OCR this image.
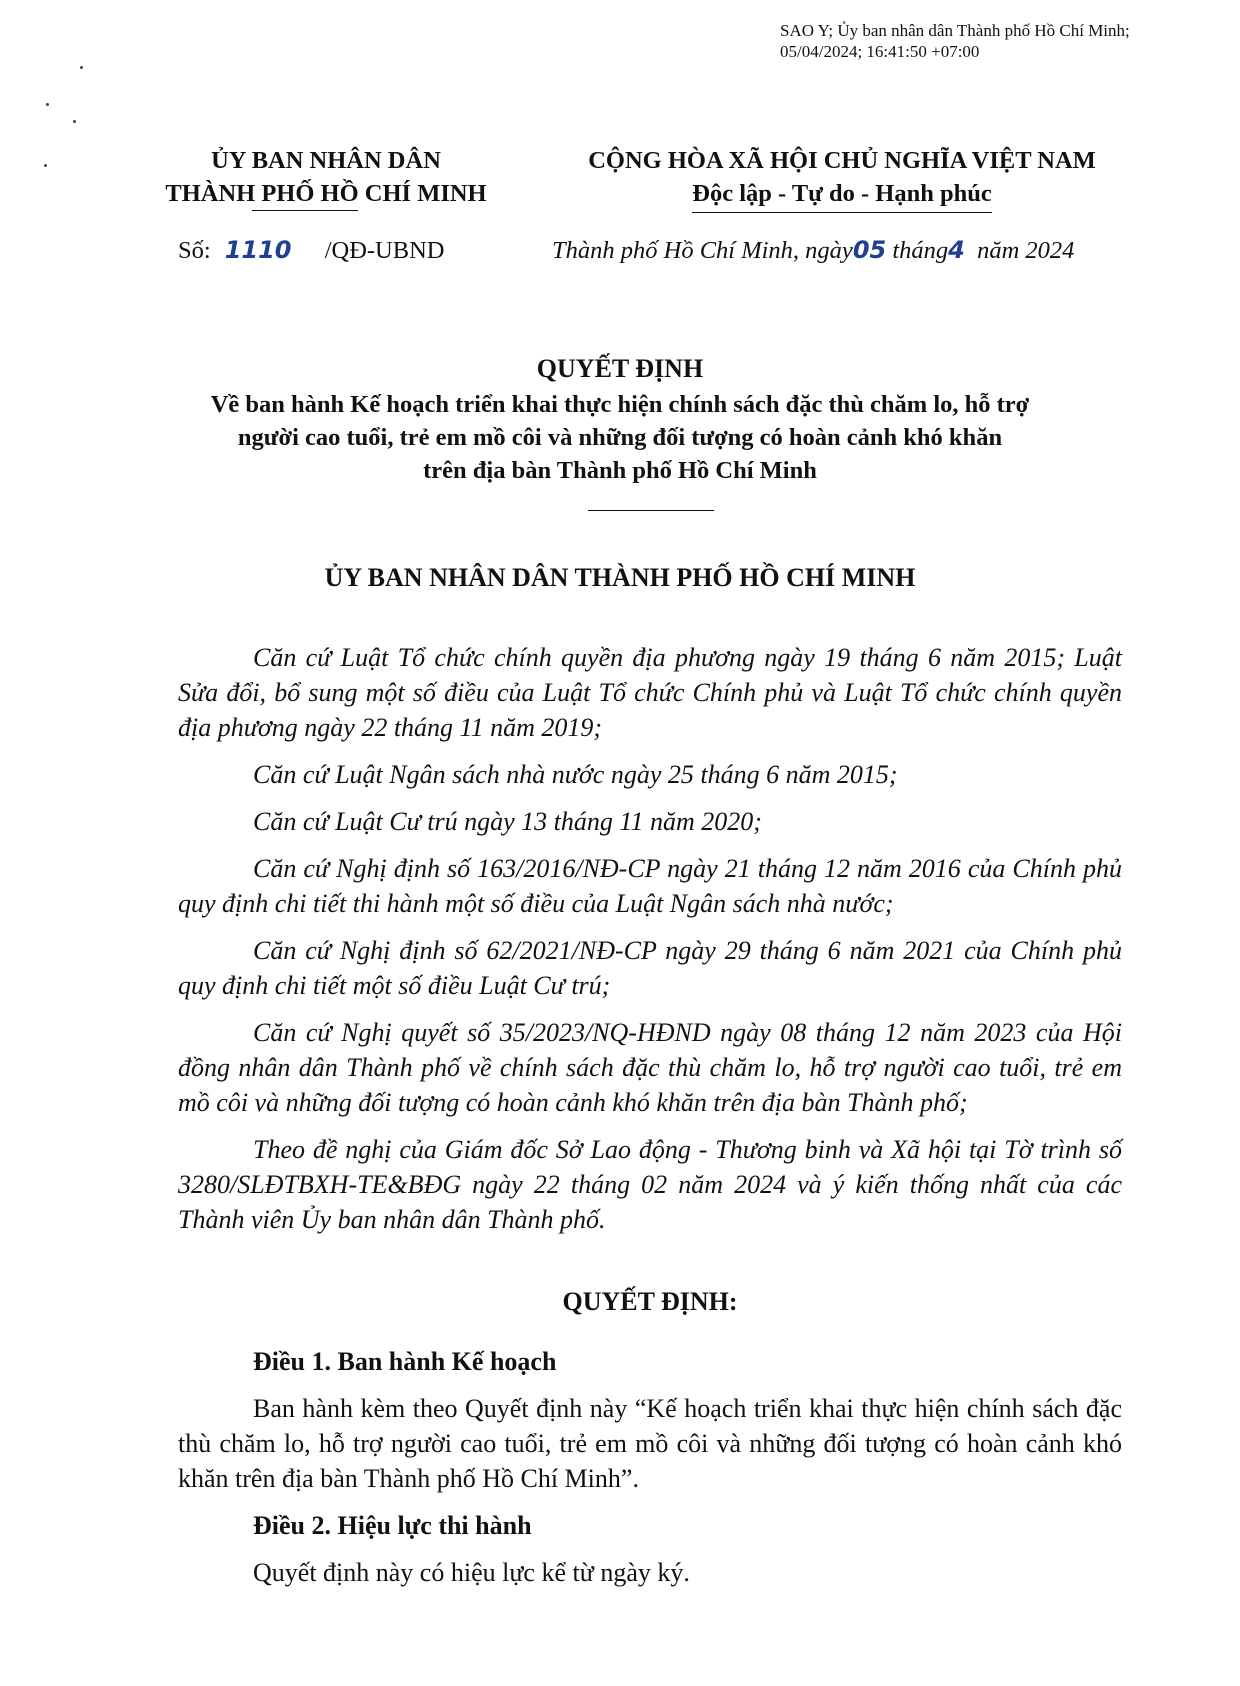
SAO Y; Ủy ban nhân dân Thành phố Hồ Chí Minh;
05/04/2024; 16:41:50 +07:00
ỦY BAN NHÂN DÂN
THÀNH PHỐ HỒ CHÍ MINH
CỘNG HÒA XÃ HỘI CHỦ NGHĨA VIỆT NAM
Độc lập - Tự do - Hạnh phúc
Số: 1110 /QĐ-UBND	Thành phố Hồ Chí Minh, ngày05 tháng4 năm 2024
QUYẾT ĐỊNH
Về ban hành Kế hoạch triển khai thực hiện chính sách đặc thù chăm lo, hỗ trợ
người cao tuổi, trẻ em mồ côi và những đối tượng có hoàn cảnh khó khăn
trên địa bàn Thành phố Hồ Chí Minh
ỦY BAN NHÂN DÂN THÀNH PHỐ HỒ CHÍ MINH

Căn cứ Luật Tổ chức chính quyền địa phương ngày 19 tháng 6 năm 2015; Luật Sửa đổi, bổ sung một số điều của Luật Tổ chức Chính phủ và Luật Tổ chức chính quyền địa phương ngày 22 tháng 11 năm 2019;

Căn cứ Luật Ngân sách nhà nước ngày 25 tháng 6 năm 2015;

Căn cứ Luật Cư trú ngày 13 tháng 11 năm 2020;

Căn cứ Nghị định số 163/2016/NĐ-CP ngày 21 tháng 12 năm 2016 của Chính phủ quy định chi tiết thi hành một số điều của Luật Ngân sách nhà nước;

Căn cứ Nghị định số 62/2021/NĐ-CP ngày 29 tháng 6 năm 2021 của Chính phủ quy định chi tiết một số điều Luật Cư trú;

Căn cứ Nghị quyết số 35/2023/NQ-HĐND ngày 08 tháng 12 năm 2023 của Hội đồng nhân dân Thành phố về chính sách đặc thù chăm lo, hỗ trợ người cao tuổi, trẻ em mồ côi và những đối tượng có hoàn cảnh khó khăn trên địa bàn Thành phố;

Theo đề nghị của Giám đốc Sở Lao động - Thương binh và Xã hội tại Tờ trình số 3280/SLĐTBXH-TE&BĐG ngày 22 tháng 02 năm 2024 và ý kiến thống nhất của các Thành viên Ủy ban nhân dân Thành phố.

QUYẾT ĐỊNH:
Điều 1. Ban hành Kế hoạch

Ban hành kèm theo Quyết định này “Kế hoạch triển khai thực hiện chính sách đặc thù chăm lo, hỗ trợ người cao tuổi, trẻ em mồ côi và những đối tượng có hoàn cảnh khó khăn trên địa bàn Thành phố Hồ Chí Minh”.

Điều 2. Hiệu lực thi hành

Quyết định này có hiệu lực kể từ ngày ký.
